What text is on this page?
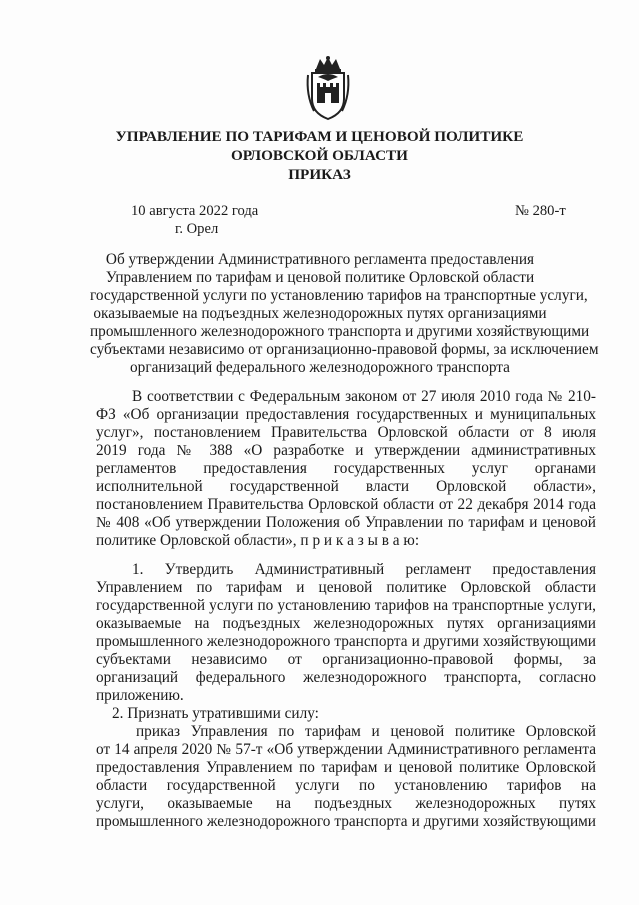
УПРАВЛЕНИЕ ПО ТАРИФАМ И ЦЕНОВОЙ ПОЛИТИКЕ
ОРЛОВСКОЙ ОБЛАСТИ
ПРИКАЗ
10 августа 2022 года	№ 280-т
г. Орел
Об утверждении Административного регламента предоставления
Управлением по тарифам и ценовой политике Орловской области
государственной услуги по установлению тарифов на транспортные услуги,
оказываемые на подъездных железнодорожных путях организациями
промышленного железнодорожного транспорта и другими хозяйствующими
субъектами независимо от организационно-правовой формы, за исключением
организаций федерального железнодорожного транспорта
В соответствии с Федеральным законом от 27 июля 2010 года № 210-
ФЗ «Об организации предоставления государственных и муниципальных
услуг», постановлением Правительства Орловской области от 8 июля
2019 года № 388 «О разработке и утверждении административных
регламентов предоставления государственных услуг органами
исполнительной государственной власти Орловской области»,
постановлением Правительства Орловской области от 22 декабря 2014 года
№ 408 «Об утверждении Положения об Управлении по тарифам и ценовой
политике Орловской области», п р и к а з ы в а ю:
1. Утвердить Административный регламент предоставления
Управлением по тарифам и ценовой политике Орловской области
государственной услуги по установлению тарифов на транспортные услуги,
оказываемые на подъездных железнодорожных путях организациями
промышленного железнодорожного транспорта и другими хозяйствующими
субъектами независимо от организационно-правовой формы, за
организаций федерального железнодорожного транспорта, согласно
приложению.
2. Признать утратившими силу:
приказ Управления по тарифам и ценовой политике Орловской
от 14 апреля 2020 № 57-т «Об утверждении Административного регламента
предоставления Управлением по тарифам и ценовой политике Орловской
области государственной услуги по установлению тарифов на
услуги, оказываемые на подъездных железнодорожных путях
промышленного железнодорожного транспорта и другими хозяйствующими
